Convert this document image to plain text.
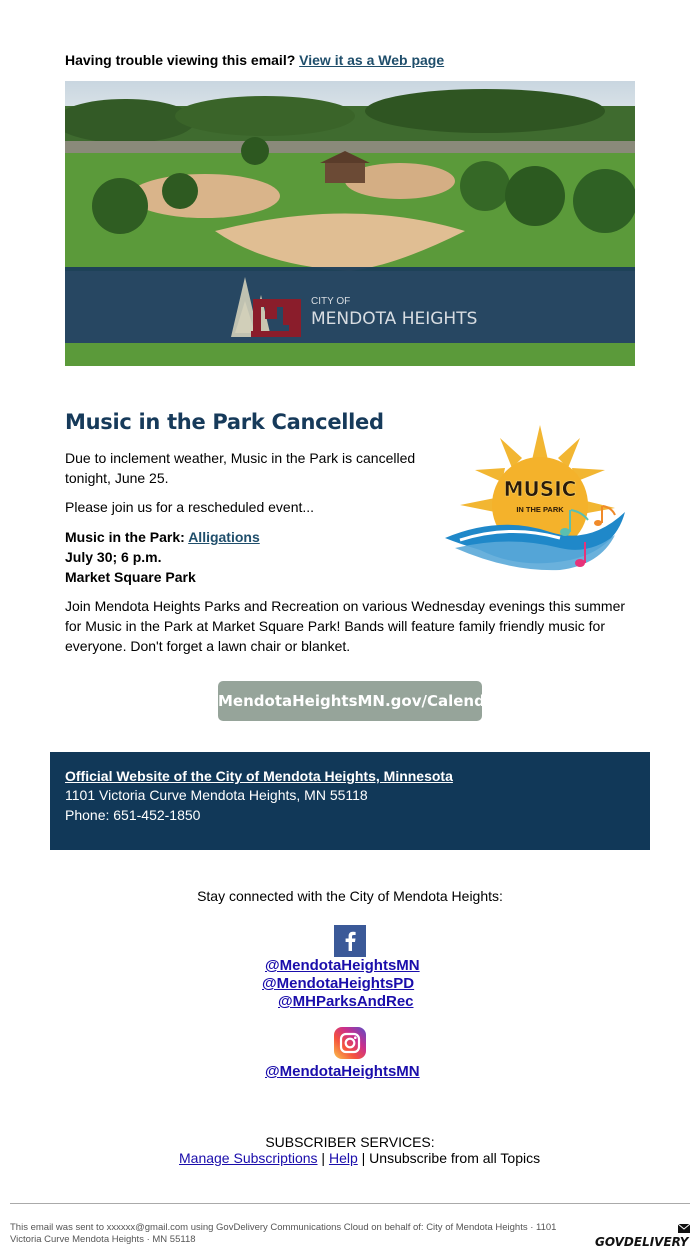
Having trouble viewing this email? View it as a Web page
CITY OF
MENDOTA HEIGHTS
Music in the Park Cancelled
Due to inclement weather, Music in the Park is cancelled tonight, June 25.
Please join us for a rescheduled event...
Music in the Park: Alligations
July 30; 6 p.m.
Market Square Park
Join Mendota Heights Parks and Recreation on various Wednesday evenings this summer for Music in the Park at Market Square Park! Bands will feature family friendly music for everyone. Don't forget a lawn chair or blanket.
MUSIC
IN THE PARK
MendotaHeightsMN.gov/Calendar
Official Website of the City of Mendota Heights, Minnesota
1101 Victoria Curve Mendota Heights, MN 55118
Phone: 651-452-1850
Stay connected with the City of Mendota Heights:
@MendotaHeightsMN
@MendotaHeightsPD
@MHParksAndRec
@MendotaHeightsMN
SUBSCRIBER SERVICES:
Manage Subscriptions | Help | Unsubscribe from all Topics
This email was sent to xxxxxx@gmail.com using GovDelivery Communications Cloud on behalf of: City of Mendota Heights · 1101 Victoria Curve Mendota Heights · MN 55118	GOVDELIVERY
